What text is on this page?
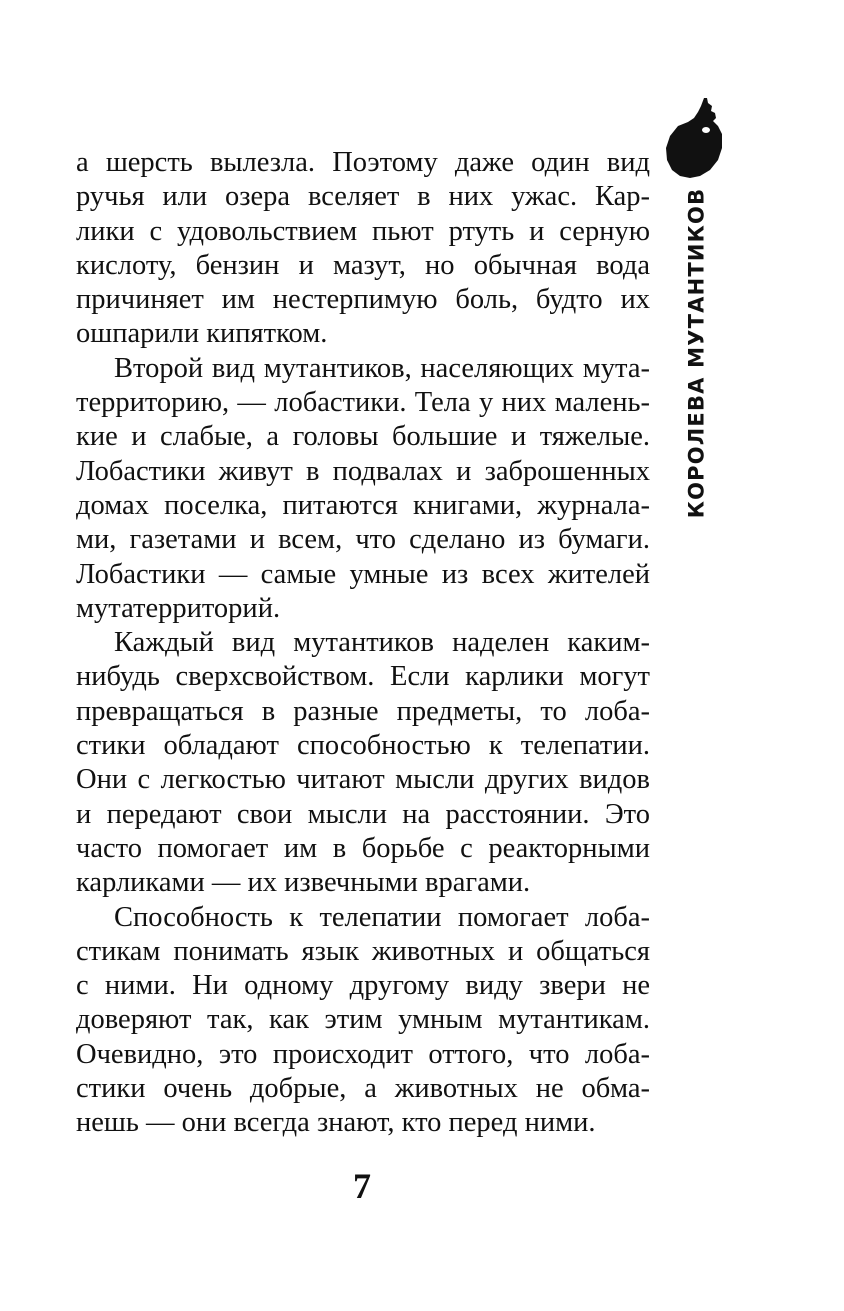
КОРОЛЕВА МУТАНТИКОВ
а шерсть вылезла. Поэтому даже один вид
ручья или озера вселяет в них ужас. Кар-
лики с удовольствием пьют ртуть и серную
кислоту, бензин и мазут, но обычная вода
причиняет им нестерпимую боль, будто их
ошпарили кипятком.
Второй вид мутантиков, населяющих мута-
территорию, — лобастики. Тела у них малень-
кие и слабые, а головы большие и тяжелые.
Лобастики живут в подвалах и заброшенных
домах поселка, питаются книгами, журнала-
ми, газетами и всем, что сделано из бумаги.
Лобастики — самые умные из всех жителей
мутатерриторий.
Каждый вид мутантиков наделен каким-
нибудь сверхсвойством. Если карлики могут
превращаться в разные предметы, то лоба-
стики обладают способностью к телепатии.
Они с легкостью читают мысли других видов
и передают свои мысли на расстоянии. Это
часто помогает им в борьбе с реакторными
карликами — их извечными врагами.
Способность к телепатии помогает лоба-
стикам понимать язык животных и общаться
с ними. Ни одному другому виду звери не
доверяют так, как этим умным мутантикам.
Очевидно, это происходит оттого, что лоба-
стики очень добрые, а животных не обма-
нешь — они всегда знают, кто перед ними.
7
